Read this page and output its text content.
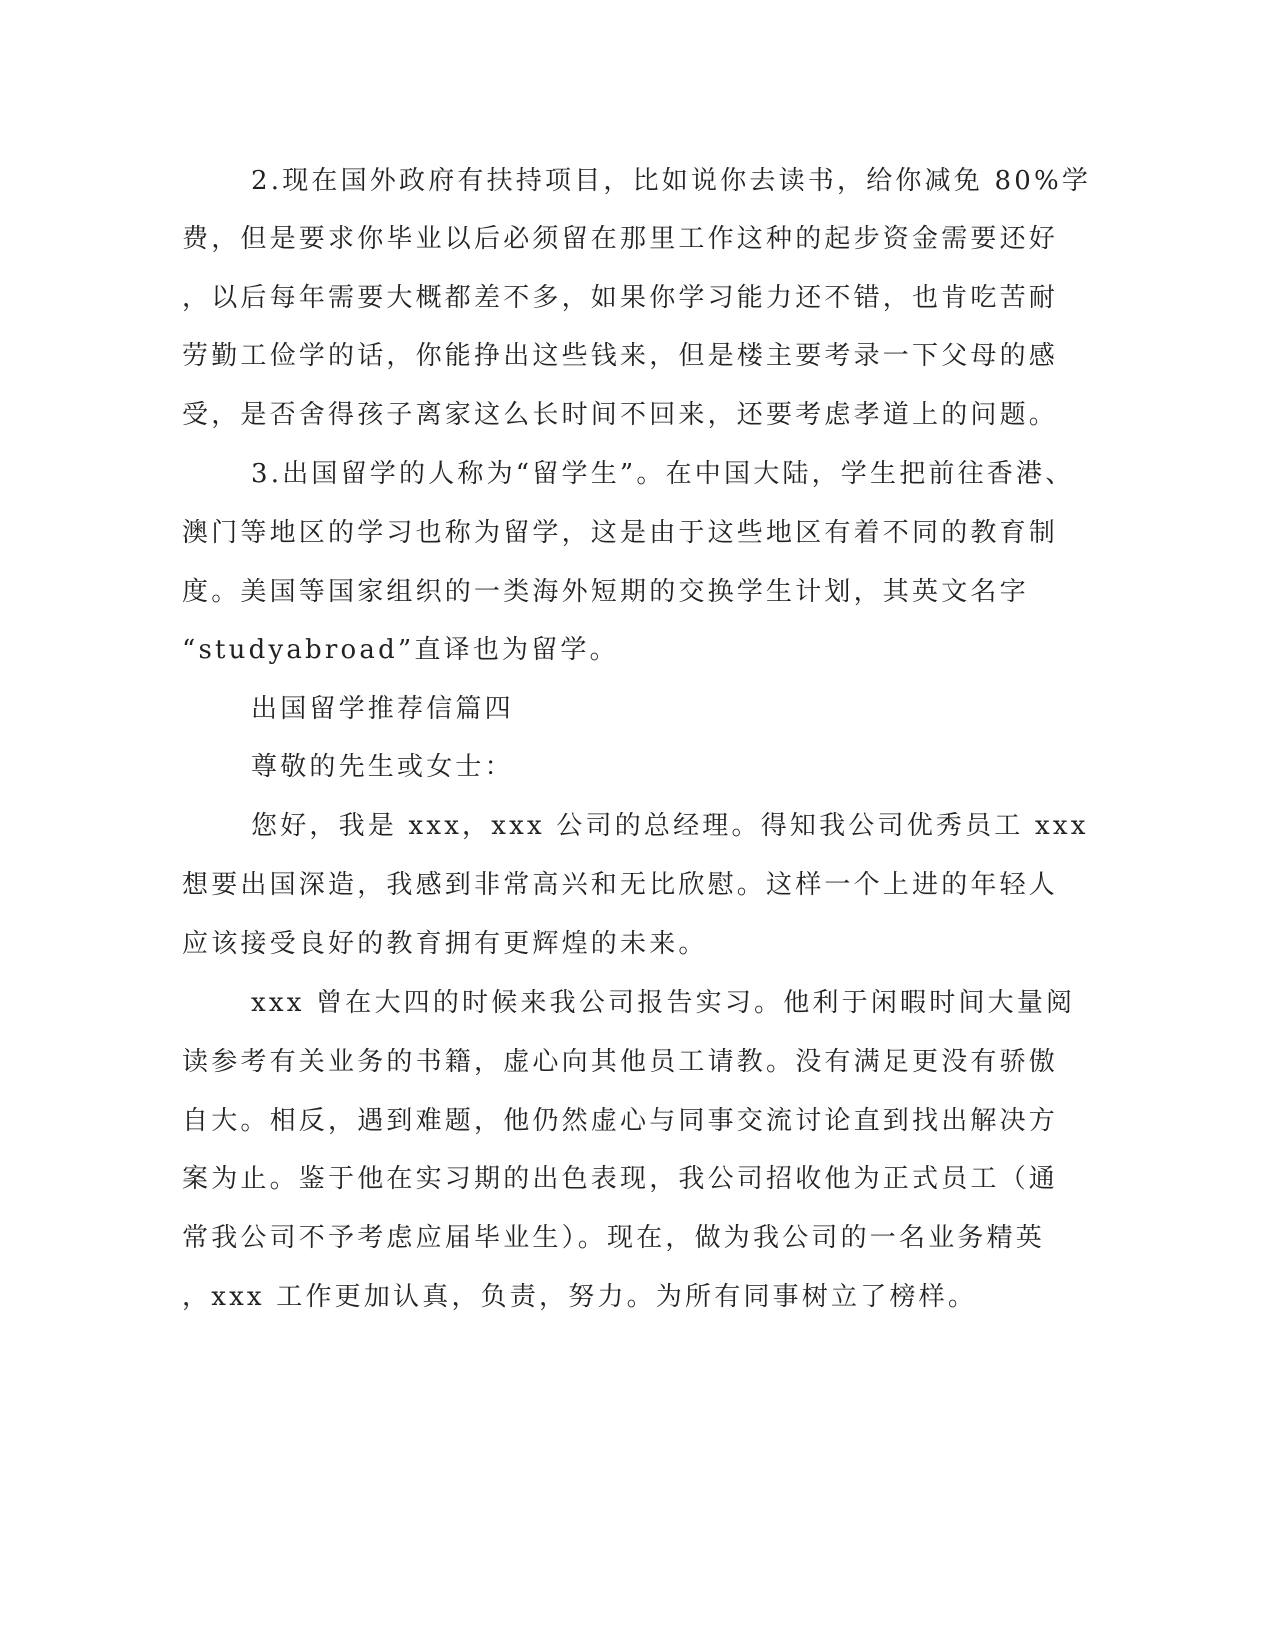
2.现在国外政府有扶持项目，比如说你去读书，给你减免 80%学
费，但是要求你毕业以后必须留在那里工作这种的起步资金需要还好
，以后每年需要大概都差不多，如果你学习能力还不错，也肯吃苦耐
劳勤工俭学的话，你能挣出这些钱来，但是楼主要考录一下父母的感
受，是否舍得孩子离家这么长时间不回来，还要考虑孝道上的问题。
3.出国留学的人称为“留学生”。在中国大陆，学生把前往香港、
澳门等地区的学习也称为留学，这是由于这些地区有着不同的教育制
度。美国等国家组织的一类海外短期的交换学生计划，其英文名字
“studyabroad”直译也为留学。
出国留学推荐信篇四
尊敬的先生或女士：
您好，我是 xxx，xxx 公司的总经理。得知我公司优秀员工 xxx
想要出国深造，我感到非常高兴和无比欣慰。这样一个上进的年轻人
应该接受良好的教育拥有更辉煌的未来。
xxx 曾在大四的时候来我公司报告实习。他利于闲暇时间大量阅
读参考有关业务的书籍，虚心向其他员工请教。没有满足更没有骄傲
自大。相反，遇到难题，他仍然虚心与同事交流讨论直到找出解决方
案为止。鉴于他在实习期的出色表现，我公司招收他为正式员工（通
常我公司不予考虑应届毕业生）。现在，做为我公司的一名业务精英
，xxx 工作更加认真，负责，努力。为所有同事树立了榜样。
